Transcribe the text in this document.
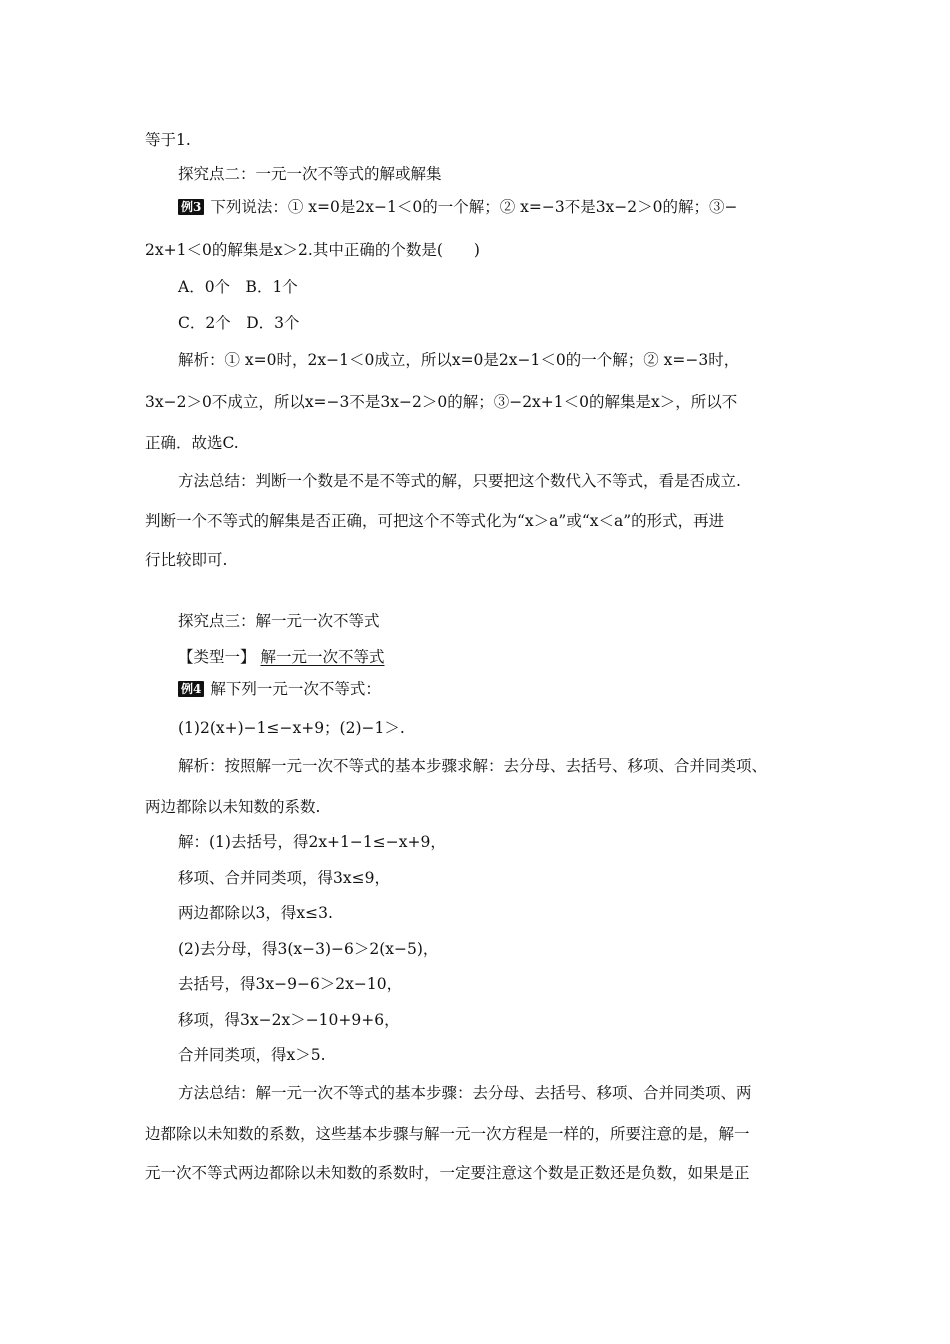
等于1.
探究点二：一元一次不等式的解或解集
例3 下列说法：① x=0是2x−1＜0的一个解；② x=−3不是3x−2＞0的解；③−
2x+1＜0的解集是x＞2.其中正确的个数是(　　)
A．0个　B．1个
C．2个　D．3个
解析：① x=0时，2x−1＜0成立，所以x=0是2x−1＜0的一个解；② x=−3时，
3x−2＞0不成立，所以x=−3不是3x−2＞0的解；③−2x+1＜0的解集是x＞，所以不
正确．故选C.
方法总结：判断一个数是不是不等式的解，只要把这个数代入不等式，看是否成立.
判断一个不等式的解集是否正确，可把这个不等式化为“x＞a”或“x＜a”的形式，再进
行比较即可.
探究点三：解一元一次不等式
【类型一】 解一元一次不等式
例4 解下列一元一次不等式：
(1)2(x+)−1≤−x+9；(2)−1＞.
解析：按照解一元一次不等式的基本步骤求解：去分母、去括号、移项、合并同类项、
两边都除以未知数的系数.
解：(1)去括号，得2x+1−1≤−x+9，
移项、合并同类项，得3x≤9，
两边都除以3，得x≤3.
(2)去分母，得3(x−3)−6＞2(x−5)，
去括号，得3x−9−6＞2x−10，
移项，得3x−2x＞−10+9+6，
合并同类项，得x＞5.
方法总结：解一元一次不等式的基本步骤：去分母、去括号、移项、合并同类项、两
边都除以未知数的系数，这些基本步骤与解一元一次方程是一样的，所要注意的是，解一
元一次不等式两边都除以未知数的系数时，一定要注意这个数是正数还是负数，如果是正
